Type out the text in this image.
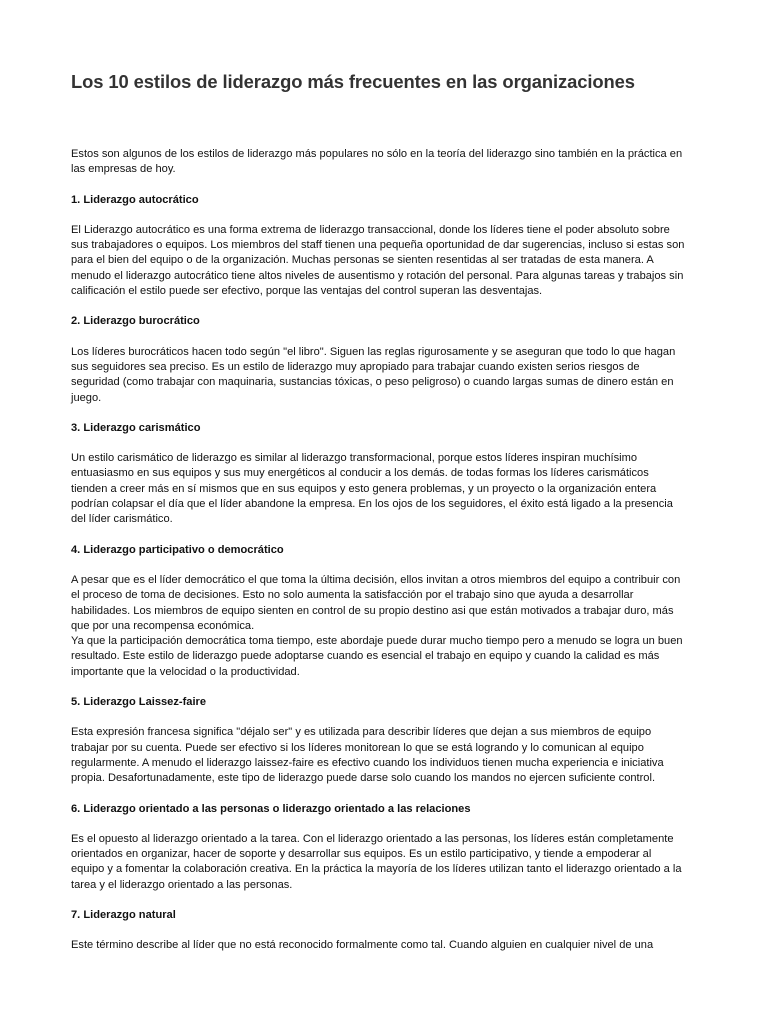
Los 10 estilos de liderazgo más frecuentes en las organizaciones

Estos son algunos de los estilos de liderazgo más populares no sólo en la teoría del liderazgo sino también en la práctica en
las empresas de hoy.

1. Liderazgo autocrático

El Liderazgo autocrático es una forma extrema de liderazgo transaccional, donde los líderes tiene el poder absoluto sobre
sus trabajadores o equipos. Los miembros del staff tienen una pequeña oportunidad de dar sugerencias, incluso si estas son
para el bien del equipo o de la organización. Muchas personas se sienten resentidas al ser tratadas de esta manera. A
menudo el liderazgo autocrático tiene altos niveles de ausentismo y rotación del personal. Para algunas tareas y trabajos sin
calificación el estilo puede ser efectivo, porque las ventajas del control superan las desventajas.

2. Liderazgo burocrático

Los líderes burocráticos hacen todo según "el libro". Siguen las reglas rigurosamente y se aseguran que todo lo que hagan
sus seguidores sea preciso. Es un estilo de liderazgo muy apropiado para trabajar cuando existen serios riesgos de
seguridad (como trabajar con maquinaria, sustancias tóxicas, o peso peligroso) o cuando largas sumas de dinero están en
juego.

3. Liderazgo carismático

Un estilo carismático de liderazgo es similar al liderazgo transformacional, porque estos líderes inspiran muchísimo
entuasiasmo en sus equipos y sus muy energéticos al conducir a los demás. de todas formas los líderes carismáticos
tienden a creer más en sí mismos que en sus equipos y esto genera problemas, y un proyecto o la organización entera
podrían colapsar el día que el líder abandone la empresa. En los ojos de los seguidores, el éxito está ligado a la presencia
del líder carismático.

4. Liderazgo participativo o democrático

A pesar que es el líder democrático el que toma la última decisión, ellos invitan a otros miembros del equipo a contribuir con
el proceso de toma de decisiones. Esto no solo aumenta la satisfacción por el trabajo sino que ayuda a desarrollar
habilidades. Los miembros de equipo sienten en control de su propio destino asi que están motivados a trabajar duro, más
que por una recompensa económica.
Ya que la participación democrática toma tiempo, este abordaje puede durar mucho tiempo pero a menudo se logra un buen
resultado. Este estilo de liderazgo puede adoptarse cuando es esencial el trabajo en equipo y cuando la calidad es más
importante que la velocidad o la productividad.

5. Liderazgo Laissez-faire

Esta expresión francesa significa "déjalo ser" y es utilizada para describir líderes que dejan a sus miembros de equipo
trabajar por su cuenta. Puede ser efectivo si los líderes monitorean lo que se está logrando y lo comunican al equipo
regularmente. A menudo el liderazgo laissez-faire es efectivo cuando los individuos tienen mucha experiencia e iniciativa
propia. Desafortunadamente, este tipo de liderazgo puede darse solo cuando los mandos no ejercen suficiente control.

6. Liderazgo orientado a las personas o liderazgo orientado a las relaciones

Es el opuesto al liderazgo orientado a la tarea. Con el liderazgo orientado a las personas, los líderes están completamente
orientados en organizar, hacer de soporte y desarrollar sus equipos. Es un estilo participativo, y tiende a empoderar al
equipo y a fomentar la colaboración creativa. En la práctica la mayoría de los líderes utilizan tanto el liderazgo orientado a la
tarea y el liderazgo orientado a las personas.

7. Liderazgo natural

Este término describe al líder que no está reconocido formalmente como tal. Cuando alguien en cualquier nivel de una
